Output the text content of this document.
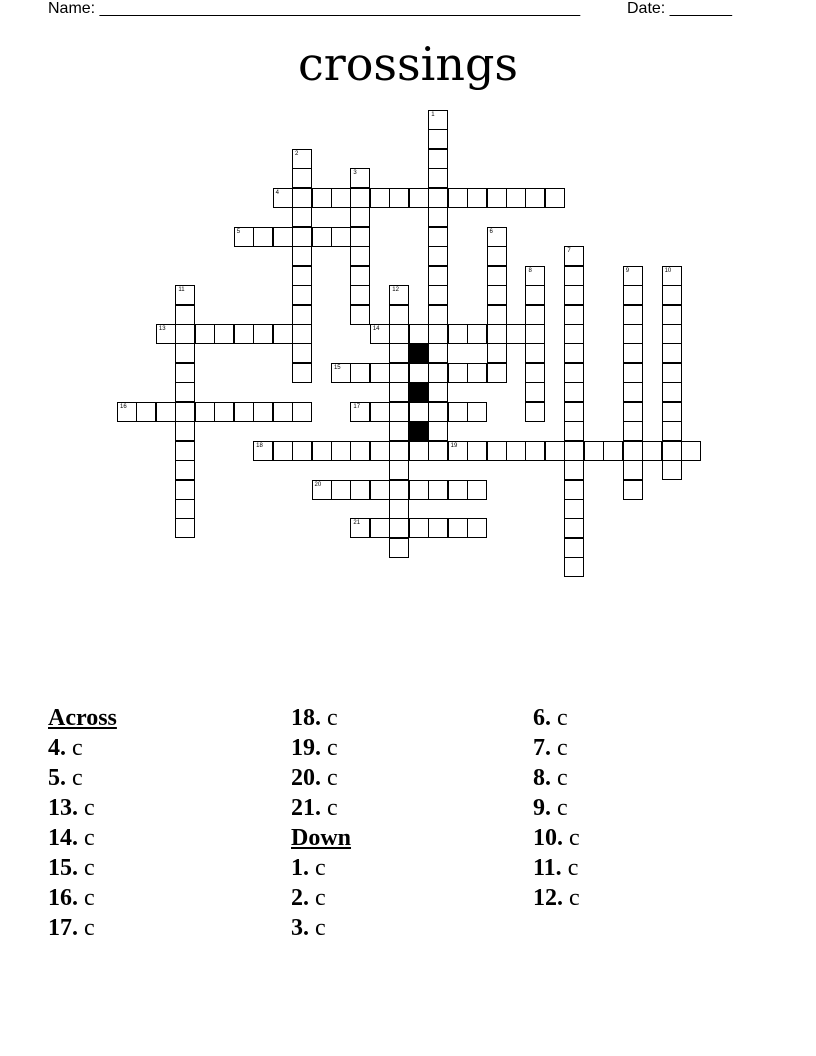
Name: ______________________________________________________	Date: _______
crossings
1
2
3
4
5	6
7
8	9	10
11	12
13	14
15
16	17
18	19
20
21
Across
4. c
5. c
13. c
14. c
15. c
16. c
17. c
18. c
19. c
20. c
21. c
Down
1. c
2. c
3. c
6. c
7. c
8. c
9. c
10. c
11. c
12. c
